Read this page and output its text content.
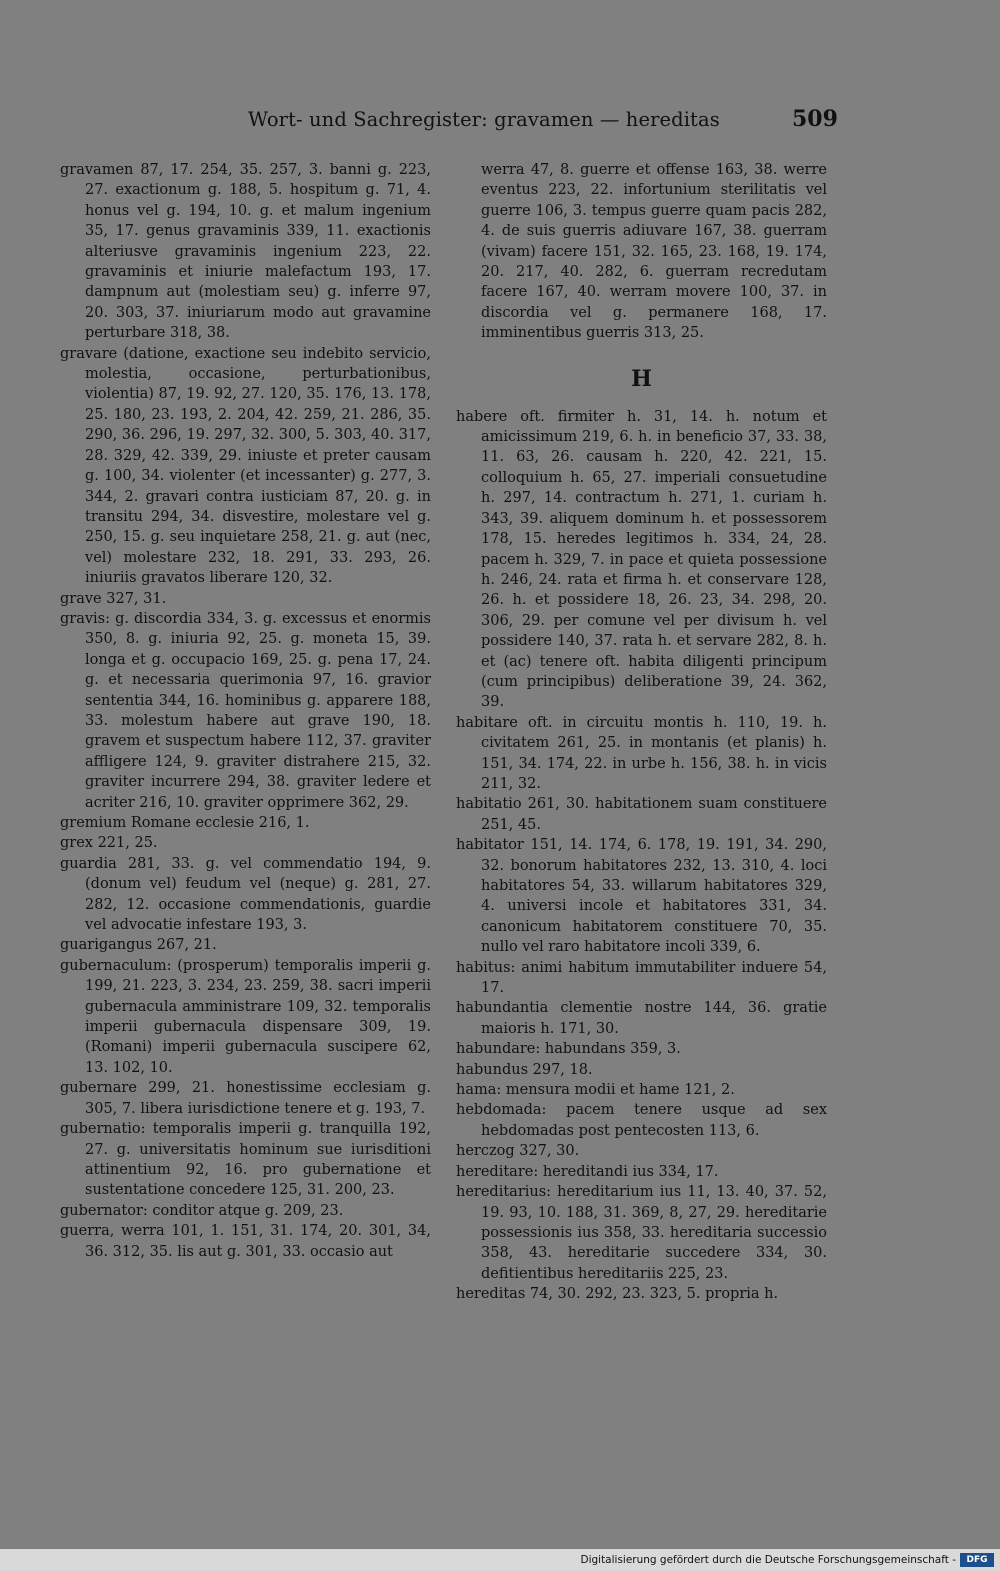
Wort- und Sachregister: gravamen — hereditas	509

gravamen 87, 17. 254, 35. 257, 3. banni g. 223, 27. exactionum g. 188, 5. hospitum g. 71, 4. honus vel g. 194, 10. g. et malum ingenium 35, 17. genus gravaminis 339, 11. exactionis alteriusve gravaminis ingenium 223, 22. gravaminis et iniurie malefactum 193, 17. dampnum aut (molestiam seu) g. inferre 97, 20. 303, 37. iniuriarum modo aut gravamine perturbare 318, 38.

gravare (datione, exactione seu indebito servicio, molestia, occasione, perturbationibus, violentia) 87, 19. 92, 27. 120, 35. 176, 13. 178, 25. 180, 23. 193, 2. 204, 42. 259, 21. 286, 35. 290, 36. 296, 19. 297, 32. 300, 5. 303, 40. 317, 28. 329, 42. 339, 29. iniuste et preter causam g. 100, 34. violenter (et incessanter) g. 277, 3. 344, 2. gravari contra iusticiam 87, 20. g. in transitu 294, 34. disvestire, molestare vel g. 250, 15. g. seu inquietare 258, 21. g. aut (nec, vel) molestare 232, 18. 291, 33. 293, 26. iniuriis gravatos liberare 120, 32.

grave 327, 31.

gravis: g. discordia 334, 3. g. excessus et enormis 350, 8. g. iniuria 92, 25. g. moneta 15, 39. longa et g. occupacio 169, 25. g. pena 17, 24. g. et necessaria querimonia 97, 16. gravior sententia 344, 16. hominibus g. apparere 188, 33. molestum habere aut grave 190, 18. gravem et suspectum habere 112, 37. graviter affligere 124, 9. graviter distrahere 215, 32. graviter incurrere 294, 38. graviter ledere et acriter 216, 10. graviter opprimere 362, 29.

gremium Romane ecclesie 216, 1.

grex 221, 25.

guardia 281, 33. g. vel commendatio 194, 9. (donum vel) feudum vel (neque) g. 281, 27. 282, 12. occasione commendationis, guardie vel advocatie infestare 193, 3.

guarigangus 267, 21.

gubernaculum: (prosperum) temporalis imperii g. 199, 21. 223, 3. 234, 23. 259, 38. sacri imperii gubernacula amministrare 109, 32. temporalis imperii gubernacula dispensare 309, 19. (Romani) imperii gubernacula suscipere 62, 13. 102, 10.

gubernare 299, 21. honestissime ecclesiam g. 305, 7. libera iurisdictione tenere et g. 193, 7.

gubernatio: temporalis imperii g. tranquilla 192, 27. g. universitatis hominum sue iurisditioni attinentium 92, 16. pro gubernatione et sustentatione concedere 125, 31. 200, 23.

gubernator: conditor atque g. 209, 23.

guerra, werra 101, 1. 151, 31. 174, 20. 301, 34, 36. 312, 35. lis aut g. 301, 33. occasio aut

werra 47, 8. guerre et offense 163, 38. werre eventus 223, 22. infortunium sterilitatis vel guerre 106, 3. tempus guerre quam pacis 282, 4. de suis guerris adiuvare 167, 38. guerram (vivam) facere 151, 32. 165, 23. 168, 19. 174, 20. 217, 40. 282, 6. guerram recredutam facere 167, 40. werram movere 100, 37. in discordia vel g. permanere 168, 17. imminentibus guerris 313, 25.

H

habere oft. firmiter h. 31, 14. h. notum et amicissimum 219, 6. h. in beneficio 37, 33. 38, 11. 63, 26. causam h. 220, 42. 221, 15. colloquium h. 65, 27. imperiali consuetudine h. 297, 14. contractum h. 271, 1. curiam h. 343, 39. aliquem dominum h. et possessorem 178, 15. heredes legitimos h. 334, 24, 28. pacem h. 329, 7. in pace et quieta possessione h. 246, 24. rata et firma h. et conservare 128, 26. h. et possidere 18, 26. 23, 34. 298, 20. 306, 29. per comune vel per divisum h. vel possidere 140, 37. rata h. et servare 282, 8. h. et (ac) tenere oft. habita diligenti principum (cum principibus) deliberatione 39, 24. 362, 39.

habitare oft. in circuitu montis h. 110, 19. h. civitatem 261, 25. in montanis (et planis) h. 151, 34. 174, 22. in urbe h. 156, 38. h. in vicis 211, 32.

habitatio 261, 30. habitationem suam constituere 251, 45.

habitator 151, 14. 174, 6. 178, 19. 191, 34. 290, 32. bonorum habitatores 232, 13. 310, 4. loci habitatores 54, 33. willarum habitatores 329, 4. universi incole et habitatores 331, 34. canonicum habitatorem constituere 70, 35. nullo vel raro habitatore incoli 339, 6.

habitus: animi habitum immutabiliter induere 54, 17.

habundantia clementie nostre 144, 36. gratie maioris h. 171, 30.

habundare: habundans 359, 3.

habundus 297, 18.

hama: mensura modii et hame 121, 2.

hebdomada: pacem tenere usque ad sex hebdomadas post pentecosten 113, 6.

herczog 327, 30.

hereditare: hereditandi ius 334, 17.

hereditarius: hereditarium ius 11, 13. 40, 37. 52, 19. 93, 10. 188, 31. 369, 8, 27, 29. hereditarie possessionis ius 358, 33. hereditaria successio 358, 43. hereditarie succedere 334, 30. defitientibus hereditariis 225, 23.

hereditas 74, 30. 292, 23. 323, 5. propria h.

Digitalisierung gefördert durch die Deutsche Forschungsgemeinschaft -	DFG
